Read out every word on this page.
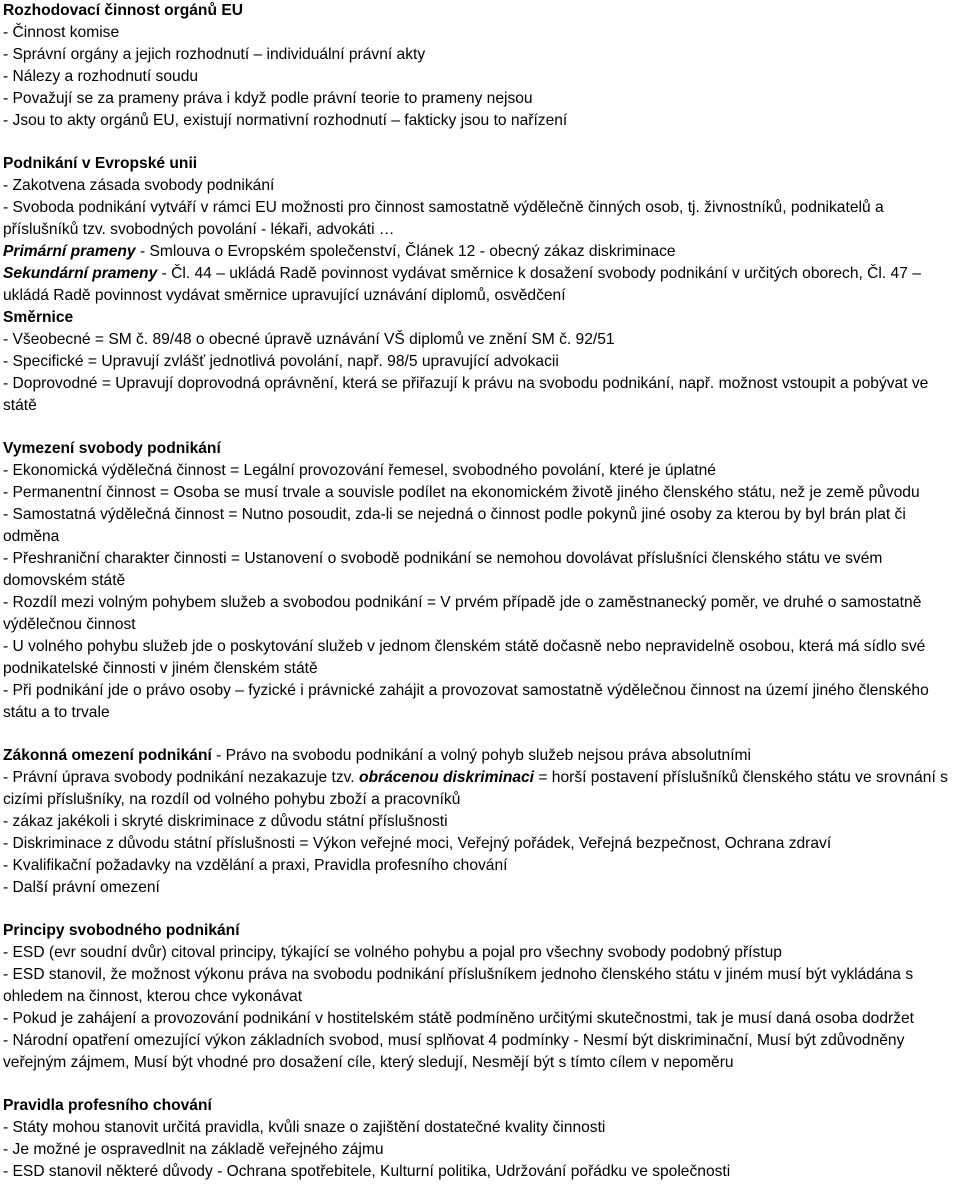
Rozhodovací činnost orgánů EU
- Činnost komise
- Správní orgány a jejich rozhodnutí – individuální právní akty
- Nálezy a rozhodnutí soudu
- Považují se za prameny práva i když podle právní teorie to prameny nejsou
- Jsou to akty orgánů EU, existují normativní rozhodnutí – fakticky jsou to nařízení
Podnikání v Evropské unii
- Zakotvena zásada svobody podnikání
- Svoboda podnikání vytváří v rámci EU možnosti pro činnost samostatně výdělečně činných osob, tj. živnostníků, podnikatelů a příslušníků tzv. svobodných povolání - lékaři, advokáti …
Primární prameny - Smlouva o Evropském společenství, Článek 12 - obecný zákaz diskriminace
Sekundární prameny - Čl. 44 – ukládá Radě povinnost vydávat směrnice k dosažení svobody podnikání v určitých oborech, Čl. 47 – ukládá Radě povinnost vydávat směrnice upravující uznávání diplomů, osvědčení
Směrnice
- Všeobecné = SM č. 89/48 o obecné úpravě uznávání VŠ diplomů ve znění SM č. 92/51
- Specifické = Upravují zvlášť jednotlivá povolání, např. 98/5 upravující advokacii
- Doprovodné = Upravují doprovodná oprávnění, která se přiřazují k právu na svobodu podnikání, např. možnost vstoupit a pobývat ve státě
Vymezení svobody podnikání
- Ekonomická výdělečná činnost = Legální provozování řemesel, svobodného povolání, které je úplatné
- Permanentní činnost = Osoba se musí trvale a souvisle podílet na ekonomickém životě jiného členského státu, než je země původu
- Samostatná výdělečná činnost = Nutno posoudit, zda-li se nejedná o činnost podle pokynů jiné osoby za kterou by byl brán plat či odměna
- Přeshraniční charakter činnosti = Ustanovení o svobodě podnikání se nemohou dovolávat příslušníci členského státu ve svém domovském státě
- Rozdíl mezi volným pohybem služeb a svobodou podnikání = V prvém případě jde o zaměstnanecký poměr, ve druhé o samostatně výdělečnou činnost
- U volného pohybu služeb jde o poskytování služeb v jednom členském státě dočasně nebo nepravidelně osobou, která má sídlo své podnikatelské činnosti v jiném členském státě
- Při podnikání jde o právo osoby – fyzické i právnické zahájit a provozovat samostatně výdělečnou činnost na území jiného členského státu a to trvale
Zákonná omezení podnikání - Právo na svobodu podnikání a volný pohyb služeb nejsou práva absolutními
- Právní úprava svobody podnikání nezakazuje tzv. obrácenou diskriminaci = horší postavení příslušníků členského státu ve srovnání s cizími příslušníky, na rozdíl od volného pohybu zboží a pracovníků
- zákaz jakékoli i skryté diskriminace z důvodu státní příslušnosti
- Diskriminace z důvodu státní příslušnosti = Výkon veřejné moci, Veřejný pořádek, Veřejná bezpečnost, Ochrana zdraví
- Kvalifikační požadavky na vzdělání a praxi, Pravidla profesního chování
- Další právní omezení
Principy svobodného podnikání
- ESD (evr soudní dvůr) citoval principy, týkající se volného pohybu a pojal pro všechny svobody podobný přístup
- ESD stanovil, že možnost výkonu práva na svobodu podnikání příslušníkem jednoho členského státu v jiném musí být vykládána s ohledem na činnost, kterou chce vykonávat
- Pokud je zahájení a provozování podnikání v hostitelském státě podmíněno určitými skutečnostmi, tak je musí daná osoba dodržet
- Národní opatření omezující výkon základních svobod, musí splňovat 4 podmínky - Nesmí být diskriminační, Musí být zdůvodněny veřejným zájmem, Musí být vhodné pro dosažení cíle, který sledují, Nesmějí být s tímto cílem v nepoměru
Pravidla profesního chování
- Státy mohou stanovit určitá pravidla, kvůli snaze o zajištění dostatečné kvality činnosti
- Je možné je ospravedlnit na základě veřejného zájmu
- ESD stanovil některé důvody - Ochrana spotřebitele, Kulturní politika, Udržování pořádku ve společnosti
